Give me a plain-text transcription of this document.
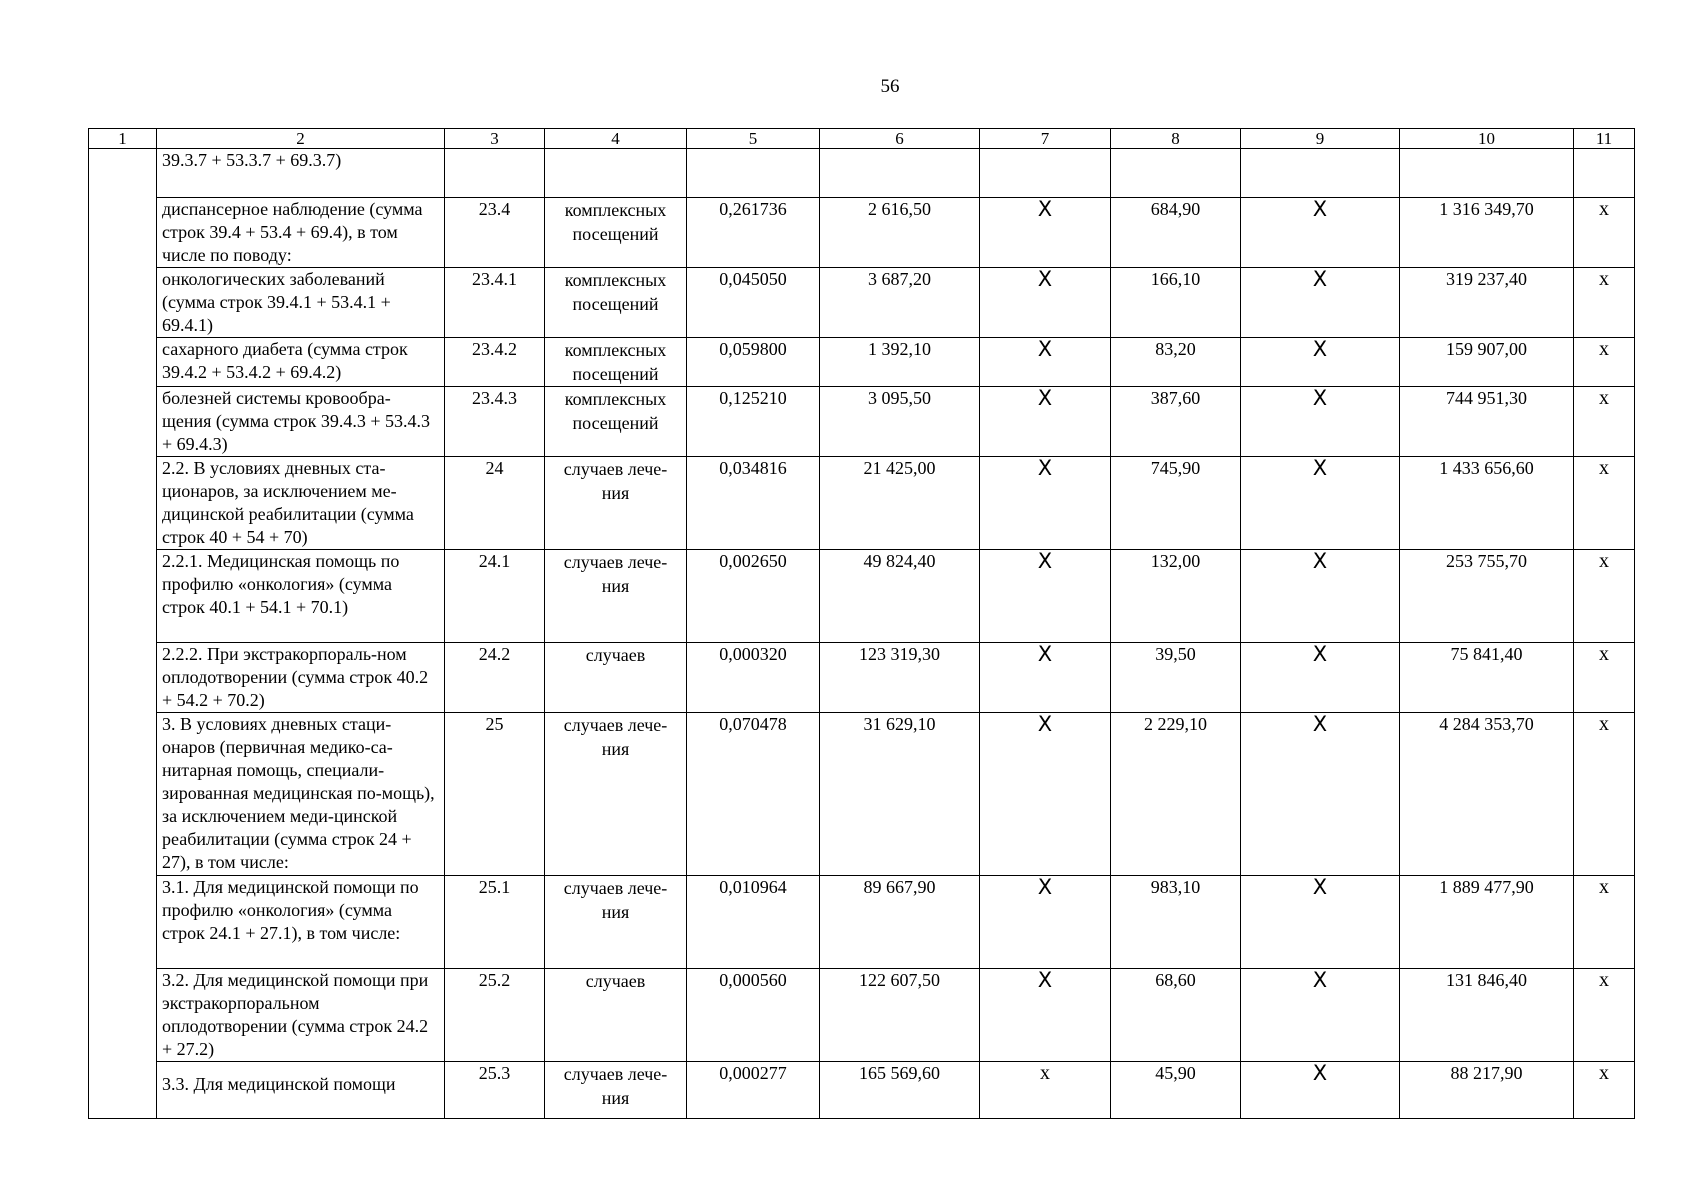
56
1	2	3	4	5	6	7	8	9	10	11
	39.3.7 + 53.3.7 + 69.3.7)									
	диспансерное наблюдение (сумма строк 39.4 + 53.4 + 69.4), в том числе по поводу:	23.4	комплексных посещений	0,261736	2 616,50	X	684,90	X	1 316 349,70	x
	онкологических заболеваний (сумма строк 39.4.1 + 53.4.1 + 69.4.1)	23.4.1	комплексных посещений	0,045050	3 687,20	X	166,10	X	319 237,40	x
	сахарного диабета (сумма строк 39.4.2 + 53.4.2 + 69.4.2)	23.4.2	комплексных посещений	0,059800	1 392,10	X	83,20	X	159 907,00	x
	болезней системы кровообра-щения (сумма строк 39.4.3 + 53.4.3 + 69.4.3)	23.4.3	комплексных посещений	0,125210	3 095,50	X	387,60	X	744 951,30	x
	2.2. В условиях дневных ста-ционаров, за исключением ме-дицинской реабилитации (сумма строк 40 + 54 + 70)	24	случаев лече-ния	0,034816	21 425,00	X	745,90	X	1 433 656,60	x
	2.2.1. Медицинская помощь по профилю «онкология» (сумма строк 40.1 + 54.1 + 70.1)	24.1	случаев лече-ния	0,002650	49 824,40	X	132,00	X	253 755,70	x
	2.2.2. При экстракорпораль-ном оплодотворении (сумма строк 40.2 + 54.2 + 70.2)	24.2	случаев	0,000320	123 319,30	X	39,50	X	75 841,40	x
	3. В условиях дневных стаци-онаров (первичная медико-са-нитарная помощь, специали-зированная медицинская по-мощь), за исключением меди-цинской реабилитации (сумма строк 24 + 27), в том числе:	25	случаев лече-ния	0,070478	31 629,10	X	2 229,10	X	4 284 353,70	x
	3.1. Для медицинской помощи по профилю «онкология» (сумма строк 24.1 + 27.1), в том числе:	25.1	случаев лече-ния	0,010964	89 667,90	X	983,10	X	1 889 477,90	x
	3.2. Для медицинской помощи при экстракорпоральном оплодотворении (сумма строк 24.2 + 27.2)	25.2	случаев	0,000560	122 607,50	X	68,60	X	131 846,40	x
	3.3. Для медицинской помощи	25.3	случаев лече-ния	0,000277	165 569,60	x	45,90	X	88 217,90	x
